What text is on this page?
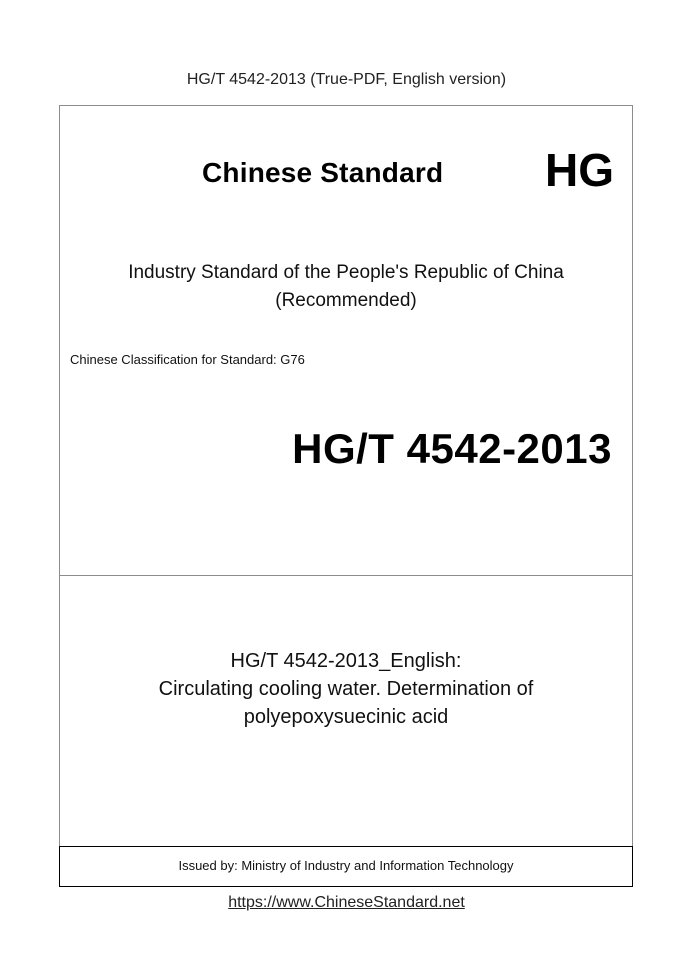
HG/T 4542-2013 (True-PDF, English version)
Chinese Standard HG
Industry Standard of the People's Republic of China
(Recommended)
Chinese Classification for Standard: G76
HG/T 4542-2013
HG/T 4542-2013_English:
Circulating cooling water. Determination of
polyepoxysuecinic acid
Issued by: Ministry of Industry and Information Technology
https://www.ChineseStandard.net
